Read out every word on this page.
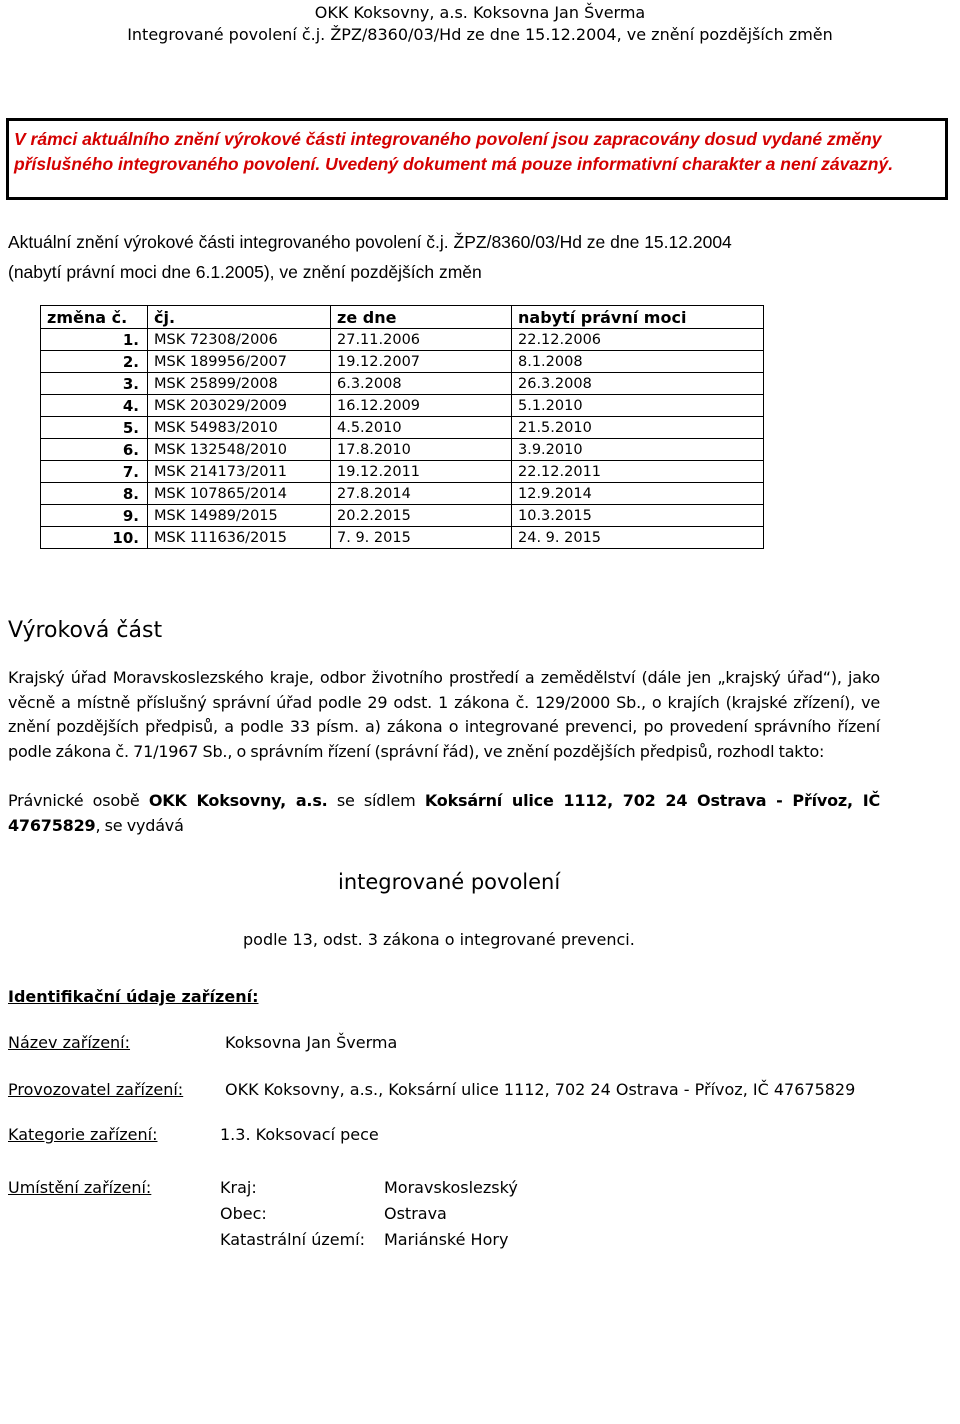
OKK Koksovny, a.s. Koksovna Jan Šverma
Integrované povolení č.j. ŽPZ/8360/03/Hd ze dne 15.12.2004, ve znění pozdějších změn

V rámci aktuálního znění výrokové části integrovaného povolení jsou zapracovány dosud vydané změny příslušného integrovaného povolení. Uvedený dokument má pouze informativní charakter a není závazný.

Aktuální znění výrokové části integrovaného povolení č.j. ŽPZ/8360/03/Hd ze dne 15.12.2004
(nabytí právní moci dne 6.1.2005), ve znění pozdějších změn
změna č.	čj.	ze dne	nabytí právní moci
1.	MSK 72308/2006	27.11.2006	22.12.2006
2.	MSK 189956/2007	19.12.2007	8.1.2008
3.	MSK 25899/2008	6.3.2008	26.3.2008
4.	MSK 203029/2009	16.12.2009	5.1.2010
5.	MSK 54983/2010	4.5.2010	21.5.2010
6.	MSK 132548/2010	17.8.2010	3.9.2010
7.	MSK 214173/2011	19.12.2011	22.12.2011
8.	MSK 107865/2014	27.8.2014	12.9.2014
9.	MSK 14989/2015	20.2.2015	10.3.2015
10.	MSK 111636/2015	7. 9. 2015	24. 9. 2015
Výroková část
Krajský úřad Moravskoslezského kraje, odbor životního prostředí a zemědělství (dále jen „krajský úřad“), jako věcně a místně příslušný správní úřad podle 29 odst. 1 zákona č. 129/2000 Sb., o krajích (krajské zřízení), ve znění pozdějších předpisů, a podle 33 písm. a) zákona o integrované prevenci, po provedení správního řízení podle zákona č. 71/1967 Sb., o správním řízení (správní řád), ve znění pozdějších předpisů, rozhodl takto:
Právnické osobě OKK Koksovny, a.s. se sídlem Koksární ulice 1112, 702 24 Ostrava - Přívoz, IČ 47675829, se vydává
integrované povolení
podle 13, odst. 3 zákona o integrované prevenci.
Identifikační údaje zařízení:
Název zařízení:	Koksovna Jan Šverma
Provozovatel zařízení:	OKK Koksovny, a.s., Koksární ulice 1112, 702 24 Ostrava - Přívoz, IČ 47675829
Kategorie zařízení:	1.3. Koksovací pece
Umístění zařízení:	Kraj:	Moravskoslezský
Obec:	Ostrava
Katastrální území: Mariánské Hory
